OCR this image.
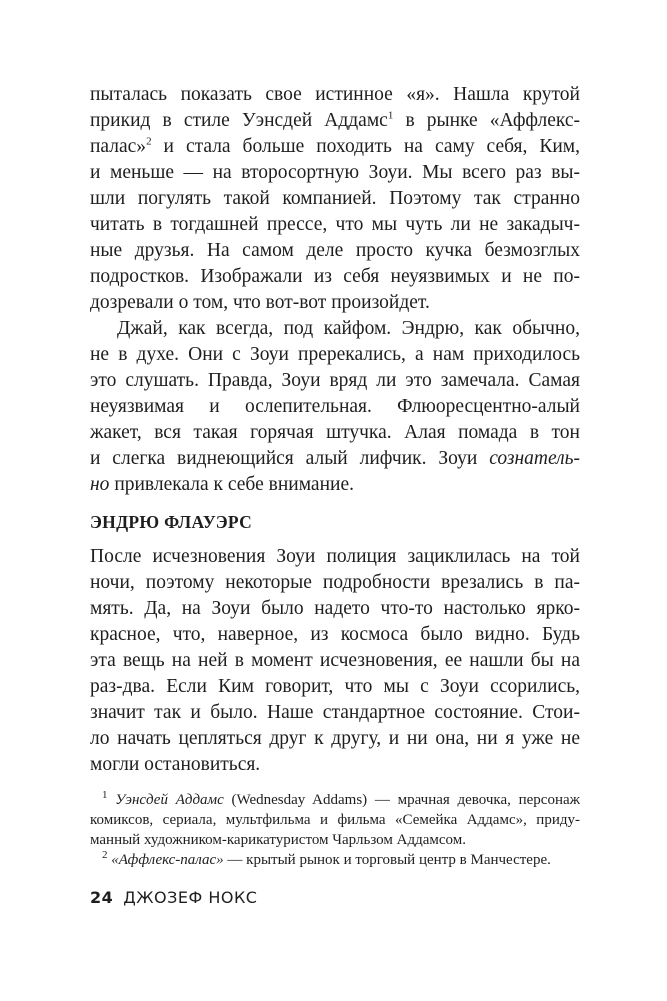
пыталась показать свое истинное «я». Нашла крутой

прикид в стиле Уэнсдей Аддамс$^1$ в рынке «Аффлекс-

палас»$^2$ и стала больше походить на саму себя, Ким,

и меньше — на второсортную Зоуи. Мы всего раз вы-

шли погулять такой компанией. Поэтому так странно

читать в тогдашней прессе, что мы чуть ли не закадыч-

ные друзья. На самом деле просто кучка безмозглых

подростков. Изображали из себя неуязвимых и не по-

дозревали о том, что вот-вот произойдет.

Джай, как всегда, под кайфом. Эндрю, как обычно,

не в духе. Они с Зоуи пререкались, а нам приходилось

это слушать. Правда, Зоуи вряд ли это замечала. Самая

неуязвимая и ослепительная. Флюоресцентно-алый

жакет, вся такая горячая штучка. Алая помада в тон

и слегка виднеющийся алый лифчик. Зоуи сознатель-

но привлекала к себе внимание.

ЭНДРЮ ФЛАУЭРС

После исчезновения Зоуи полиция зациклилась на той

ночи, поэтому некоторые подробности врезались в па-

мять. Да, на Зоуи было надето что-то настолько ярко-

красное, что, наверное, из космоса было видно. Будь

эта вещь на ней в момент исчезновения, ее нашли бы на

раз-два. Если Ким говорит, что мы с Зоуи ссорились,

значит так и было. Наше стандартное состояние. Стои-

ло начать цепляться друг к другу, и ни она, ни я уже не

могли остановиться.

$^1$ Уэнсдей Аддамс (Wednesday Addams) — мрачная девочка, персонаж

комиксов, сериала, мультфильма и фильма «Семейка Аддамс», приду-

манный художником-карикатуристом Чарльзом Аддамсом.

$^2$ «Аффлекс-палас» — крытый рынок и торговый центр в Манчестере.

24 ДЖОЗЕФ НОКС
